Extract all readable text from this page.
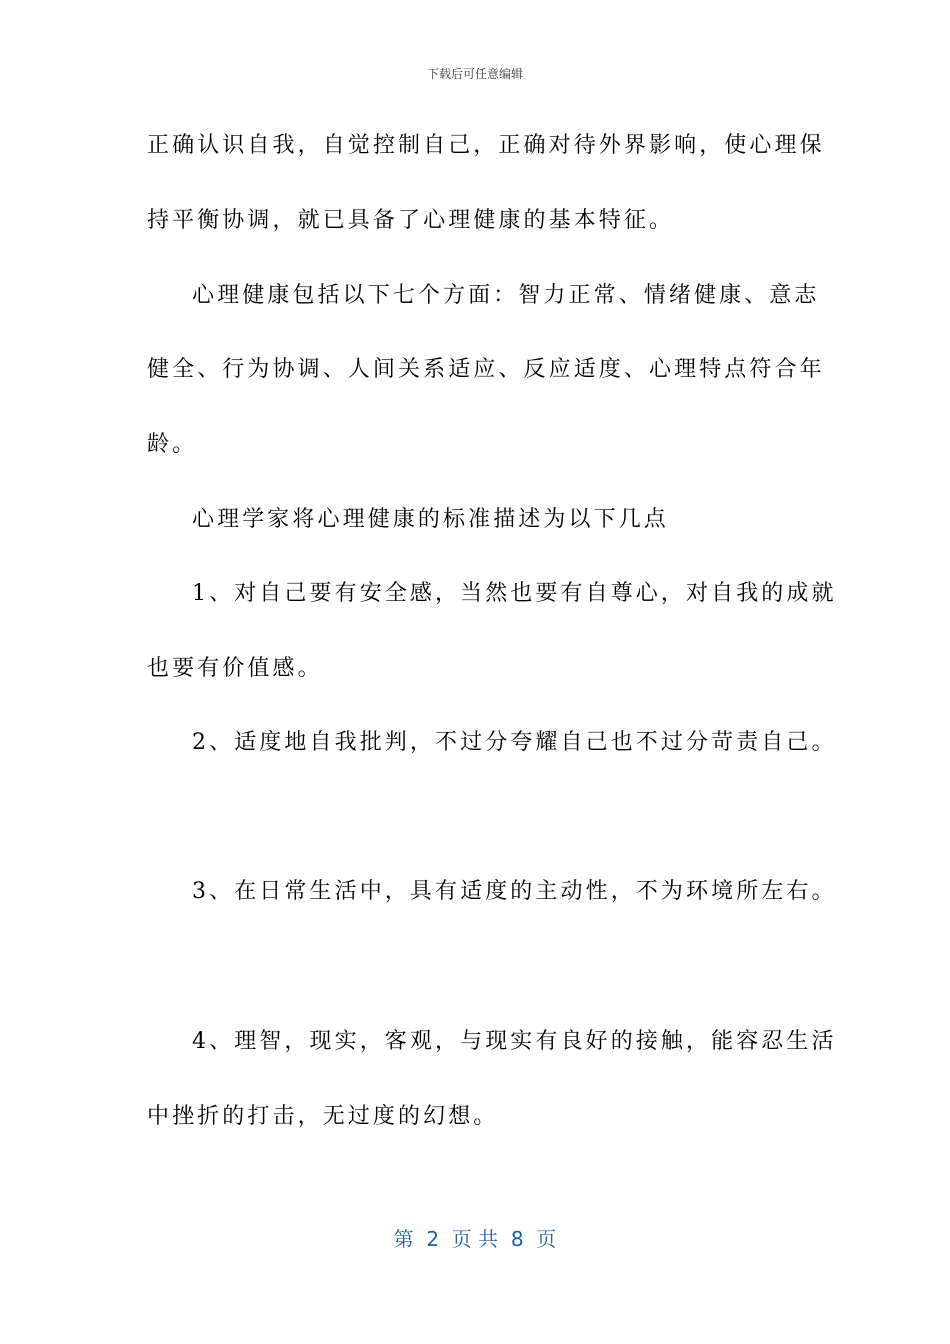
下载后可任意编辑
正确认识自我，自觉控制自己，正确对待外界影响，使心理保
持平衡协调，就已具备了心理健康的基本特征。
心理健康包括以下七个方面：智力正常、情绪健康、意志
健全、行为协调、人间关系适应、反应适度、心理特点符合年
龄。
心理学家将心理健康的标准描述为以下几点
1、对自己要有安全感，当然也要有自尊心，对自我的成就
也要有价值感。
2、适度地自我批判，不过分夸耀自己也不过分苛责自己。
3、在日常生活中，具有适度的主动性，不为环境所左右。
4、理智，现实，客观，与现实有良好的接触，能容忍生活
中挫折的打击，无过度的幻想。
第  2  页 共  8  页
